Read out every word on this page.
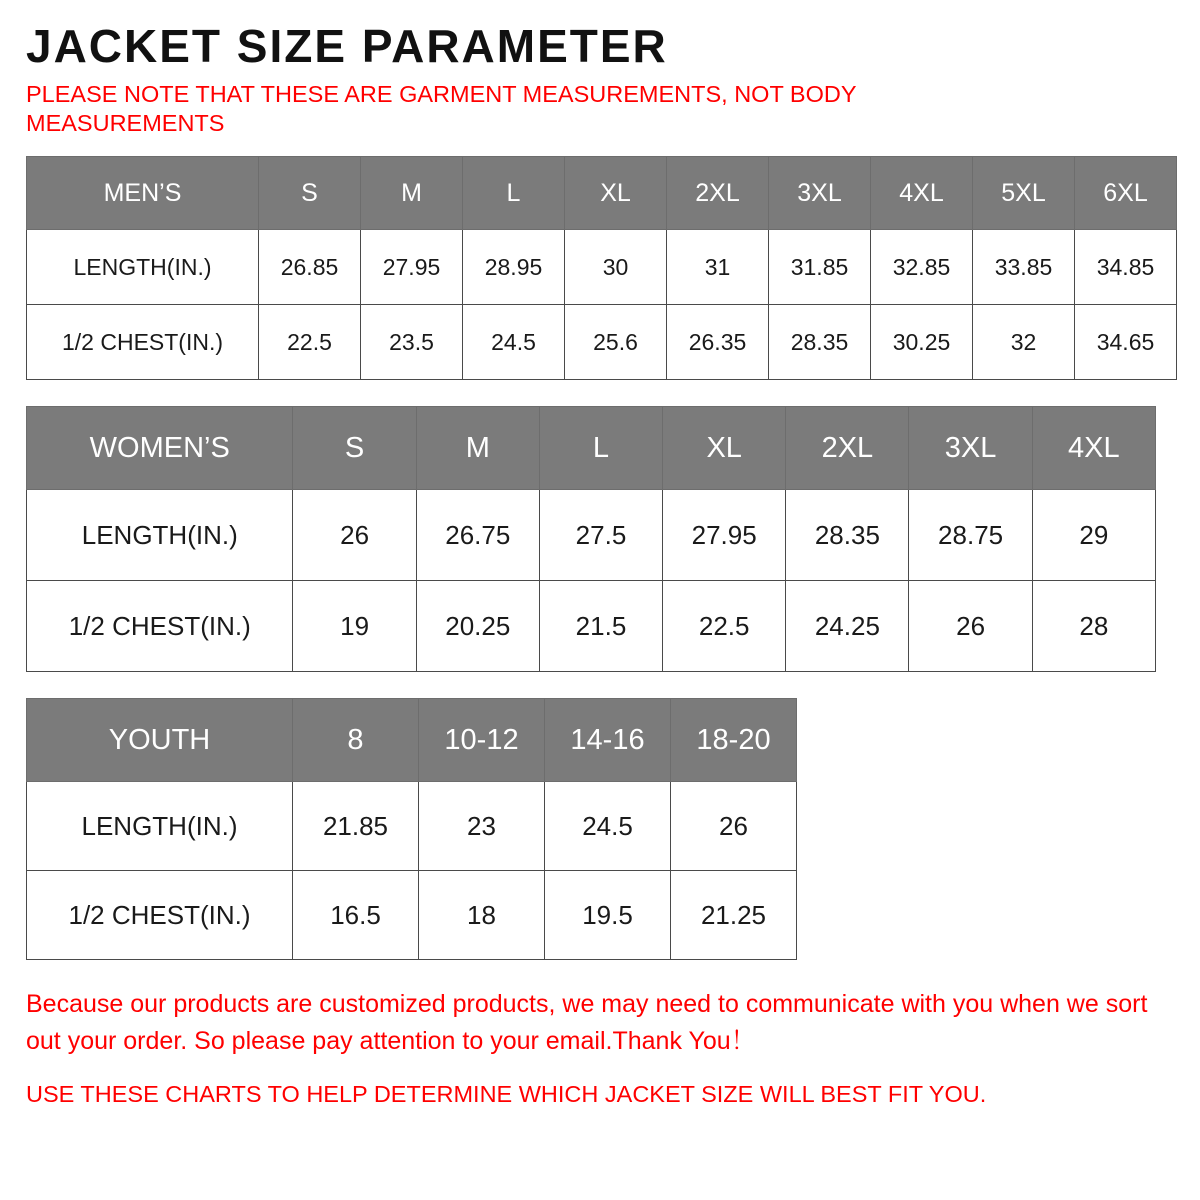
JACKET SIZE PARAMETER

PLEASE NOTE THAT THESE ARE GARMENT MEASUREMENTS, NOT BODY MEASUREMENTS

MEN’S	S	M	L	XL	2XL	3XL	4XL	5XL	6XL
LENGTH(IN.)	26.85	27.95	28.95	30	31	31.85	32.85	33.85	34.85
1/2 CHEST(IN.)	22.5	23.5	24.5	25.6	26.35	28.35	30.25	32	34.65
WOMEN’S	S	M	L	XL	2XL	3XL	4XL
LENGTH(IN.)	26	26.75	27.5	27.95	28.35	28.75	29
1/2 CHEST(IN.)	19	20.25	21.5	22.5	24.25	26	28
YOUTH	8	10-12	14-16	18-20
LENGTH(IN.)	21.85	23	24.5	26
1/2 CHEST(IN.)	16.5	18	19.5	21.25

Because our products are customized products, we may need to communicate with you when we sort out your order. So please pay attention to your email.Thank You！

USE THESE CHARTS TO HELP DETERMINE WHICH JACKET SIZE WILL BEST FIT YOU.
